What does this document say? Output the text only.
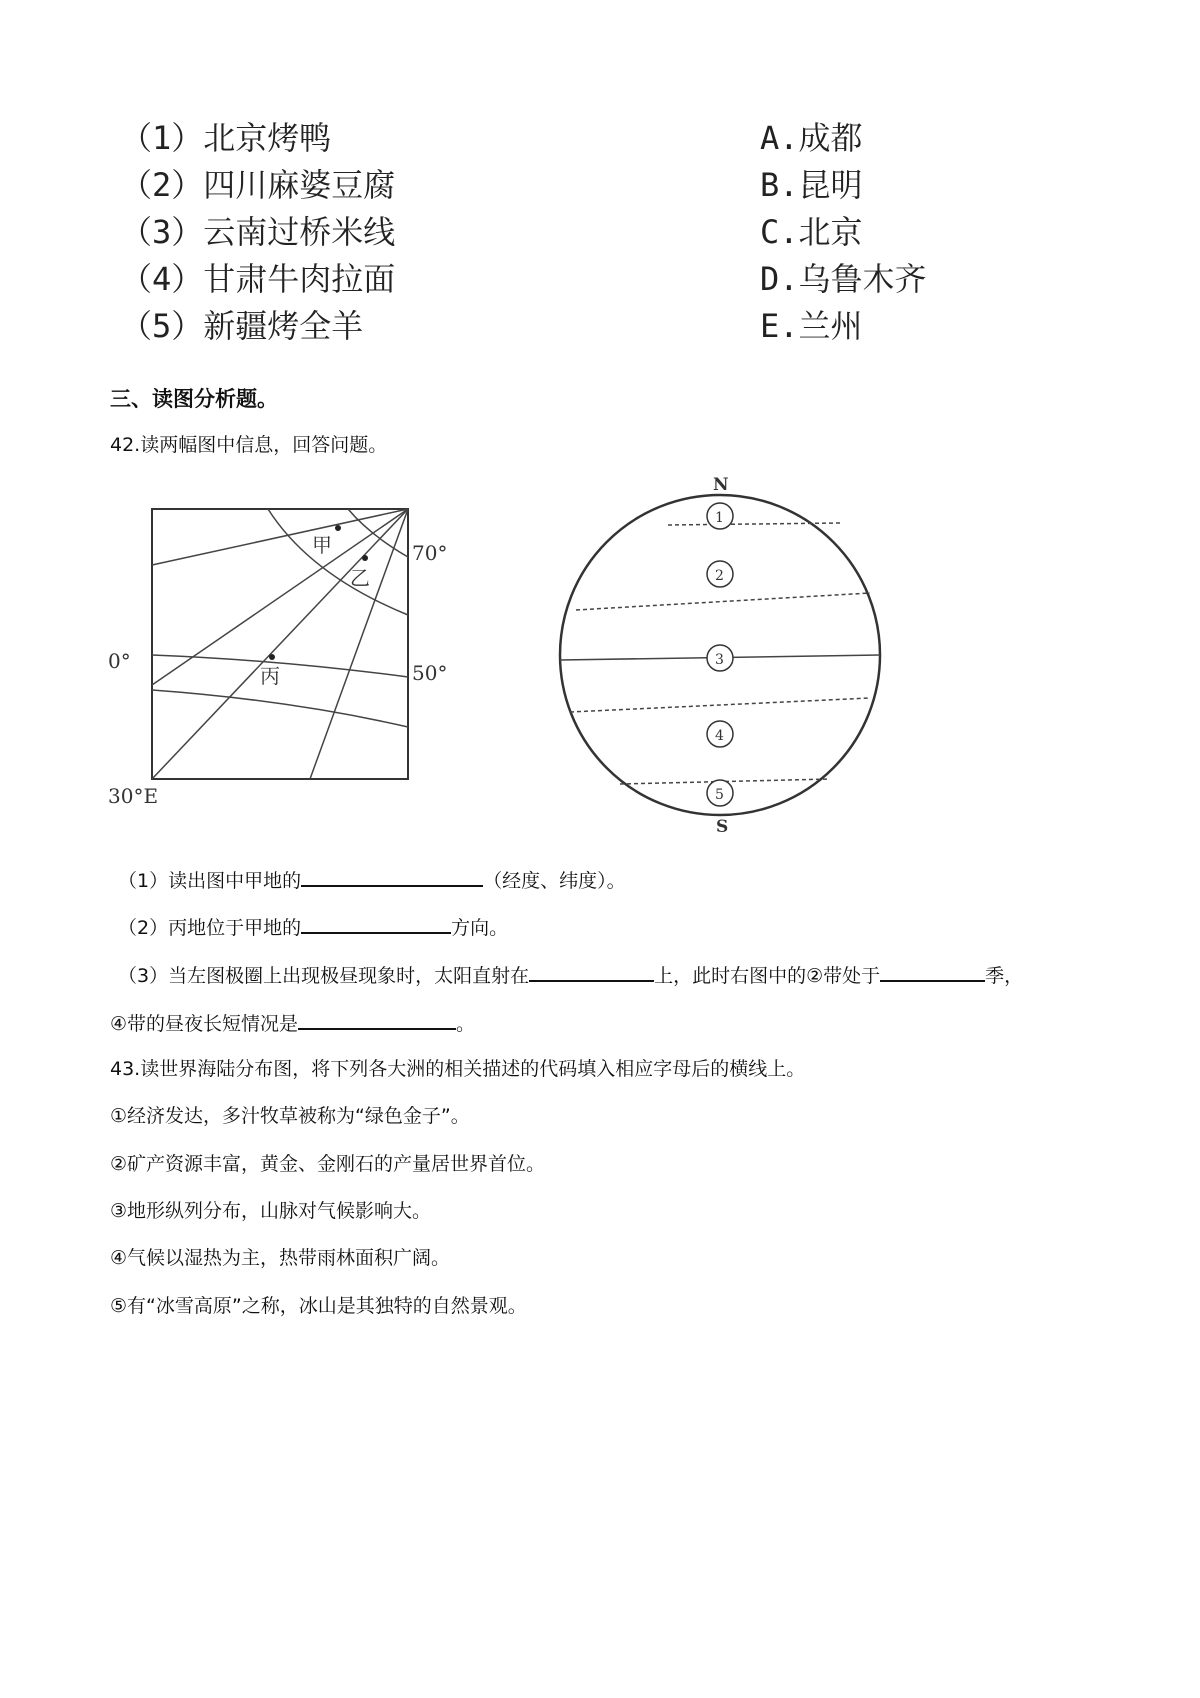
（1）北京烤鸭	A.成都
（2）四川麻婆豆腐	B.昆明
（3）云南过桥米线	C.北京
（4）甘肃牛肉拉面	D.乌鲁木齐
（5）新疆烤全羊	E.兰州
三、读图分析题。
42.读两幅图中信息，回答问题。
甲
乙
丙
70°
50°
0°
30°E
N
S
1
2
3
4
5
（1）读出图中甲地的	（经度、纬度）。
（2）丙地位于甲地的	方向。
（3）当左图极圈上出现极昼现象时，太阳直射在	上，此时右图中的②带处于	季，
④带的昼夜长短情况是	。
43.读世界海陆分布图，将下列各大洲的相关描述的代码填入相应字母后的横线上。
①经济发达，多汁牧草被称为“绿色金子”。
②矿产资源丰富，黄金、金刚石的产量居世界首位。
③地形纵列分布，山脉对气候影响大。
④气候以湿热为主，热带雨林面积广阔。
⑤有“冰雪高原”之称，冰山是其独特的自然景观。
